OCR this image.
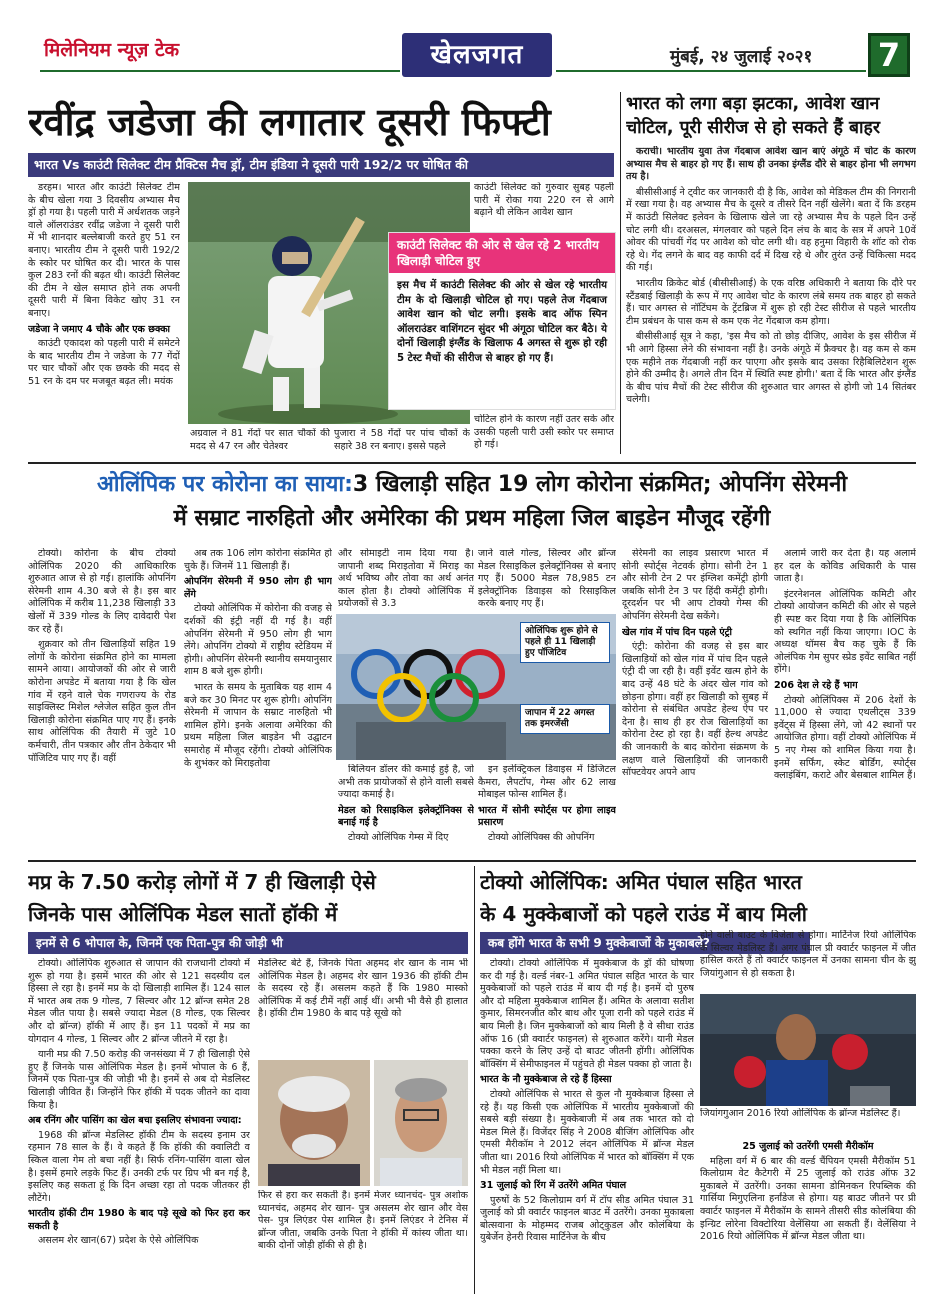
मिलेनियम न्यूज़ टेक	खेलजगत	मुंबई, २४ जुलाई २०२१ 7
रवींद्र जडेजा की लगातार दूसरी फिफ्टी
भारत Vs काउंटी सिलेक्ट टीम प्रैक्टिस मैच ड्रॉ, टीम इंडिया ने दूसरी पारी 192/2 पर घोषित की

डरहम। भारत और काउंटी सिलेक्ट टीम के बीच खेला गया 3 दिवसीय अभ्यास मैच ड्रॉ हो गया है। पहली पारी में अर्धशतक जड़ने वाले ऑलराउंडर रवींद्र जडेजा ने दूसरी पारी में भी शानदार बल्लेबाजी करते हुए 51 रन बनाए। भारतीय टीम ने दूसरी पारी 192/2 के स्कोर पर घोषित कर दी। भारत के पास कुल 283 रनों की बढ़त थी। काउंटी सिलेक्ट की टीम ने खेल समाप्त होने तक अपनी दूसरी पारी में बिना विकेट खोए 31 रन बनाए।

जडेजा ने जमाए 4 चौके और एक छक्का

काउंटी एकादश को पहली पारी में समेटने के बाद भारतीय टीम ने जडेजा के 77 गेंदों पर चार चौकों और एक छक्के की मदद से 51 रन के दम पर मजबूत बढ़त ली। मयंक

अग्रवाल ने 81 गेंदों पर सात चौकों की मदद से 47 रन और चेतेश्वर
पुजारा ने 58 गेंदों पर पांच चौकों के सहारे 38 रन बनाए। इससे पहले
काउंटी सिलेक्ट को गुरुवार सुबह पहली पारी में रोका गया 220 रन से आगे बढ़ाने थी लेकिन आवेश खान
काउंटी सिलेक्ट की ओर से खेल रहे 2 भारतीय खिलाड़ी चोटिल हुए
इस मैच में काउंटी सिलेक्ट की ओर से खेल रहे भारतीय टीम के दो खिलाड़ी चोटिल हो गए। पहले तेज गेंदबाज आवेश खान को चोट लगी। इसके बाद ऑफ स्पिन ऑलराउंडर वाशिंगटन सुंदर भी अंगूठा चोटिल कर बैठे। ये दोनों खिलाड़ी इंग्लैंड के खिलाफ 4 अगस्त से शुरू हो रही 5 टेस्ट मैचों की सीरीज से बाहर हो गए हैं।
चोटिल होने के कारण नहीं उतर सके और उसकी पहली पारी उसी स्कोर पर समाप्त हो गई।
भारत को लगा बड़ा झटका, आवेश खान
चोटिल, पूरी सीरीज से हो सकते हैं बाहर

कराची। भारतीय युवा तेज गेंदबाज आवेश खान बाएं अंगूठे में चोट के कारण अभ्यास मैच से बाहर हो गए हैं। साथ ही उनका इंग्लैंड दौरे से बाहर होना भी लगभग तय है।

बीसीसीआई ने ट्वीट कर जानकारी दी है कि, आवेश को मेडिकल टीम की निगरानी में रखा गया है। वह अभ्यास मैच के दूसरे व तीसरे दिन नहीं खेलेंगे। बता दें कि डरहम में काउंटी सिलेक्ट इलेवन के खिलाफ खेले जा रहे अभ्यास मैच के पहले दिन उन्हें चोट लगी थी। दरअसल, मंगलवार को पहले दिन लंच के बाद के सत्र में अपने 10वें ओवर की पांचवीं गेंद पर आवेश को चोट लगी थी। वह हनुमा विहारी के शॉट को रोक रहे थे। गेंद लगने के बाद वह काफी दर्द में दिख रहे थे और तुरंत उन्हें चिकित्सा मदद की गई।

भारतीय क्रिकेट बोर्ड (बीसीसीआई) के एक वरिष्ठ अधिकारी ने बताया कि दौरे पर स्टैंडबाई खिलाड़ी के रूप में गए आवेश चोट के कारण लंबे समय तक बाहर हो सकते हैं। चार अगस्त से नॉटिंघम के ट्रेंटब्रिज में शुरू हो रही टेस्ट सीरीज से पहले भारतीय टीम प्रबंधन के पास कम से कम एक नेट गेंदबाज कम होगा।

बीसीसीआई सूत्र ने कहा, 'इस मैच को तो छोड़ दीजिए, आवेश के इस सीरीज में भी आगे हिस्सा लेने की संभावना नहीं है। उनके अंगूठे में फ्रैक्चर है। वह कम से कम एक महीने तक गेंदबाजी नहीं कर पाएगा और इसके बाद उसका रिहैबिलिटेशन शुरू होने की उम्मीद है। अगले तीन दिन में स्थिति स्पष्ट होगी।' बता दें कि भारत और इंग्लैंड के बीच पांच मैचों की टेस्ट सीरीज की शुरुआत चार अगस्त से होगी जो 14 सितंबर चलेगी।

ओलिंपिक पर कोरोना का साया:3 खिलाड़ी सहित 19 लोग कोरोना संक्रमित; ओपनिंग सेरेमनी
में सम्राट नारुहितो और अमेरिका की प्रथम महिला जिल बाइडेन मौजूद रहेंगी

टोक्यो। कोरोना के बीच टोक्यो ओलिंपिक 2020 की आधिकारिक शुरुआत आज से हो गई। हालांकि ओपनिंग सेरेमनी शाम 4.30 बजे से है। इस बार ओलिंपिक में करीब 11,238 खिलाड़ी 33 खेलों में 339 गोल्ड के लिए दावेदारी पेश कर रहे हैं।

शुक्रवार को तीन खिलाड़ियों सहित 19 लोगों के कोरोना संक्रमित होने का मामला सामने आया। आयोजकों की ओर से जारी कोरोना अपडेट में बताया गया है कि खेल गांव में रहने वाले चेक गणराज्य के रोड साइक्लिस्ट मिशेल श्लेजेल सहित कुल तीन खिलाड़ी कोरोना संक्रमित पाए गए हैं। इनके साथ ओलिंपिक की तैयारी में जुटे 10 कर्मचारी, तीन पत्रकार और तीन ठेकेदार भी पॉजिटिव पाए गए हैं। वहीं

अब तक 106 लोग कोरोना संक्रमित हो चुके हैं। जिनमें 11 खिलाड़ी हैं।

ओपनिंग सेरेमनी में 950 लोग ही भाग लेंगे

टोक्यो ओलिंपिक में कोरोना की वजह से दर्शकों की इंट्री नहीं दी गई है। वहीं ओपनिंग सेरेमनी में 950 लोग ही भाग लेंगे। ओपनिंग टोक्यो में राष्ट्रीय स्टेडियम में होगी। ओपनिंग सेरेमनी स्थानीय समयानुसार शाम 8 बजे शुरू होगी।

भारत के समय के मुताबिक यह शाम 4 बजे कर 30 मिनट पर शुरू होगी। ओपनिंग सेरेमनी में जापान के सम्राट नारुहितो भी शामिल होंगे। इनके अलावा अमेरिका की प्रथम महिला जिल बाइडेन भी उद्घाटन समारोह में मौजूद रहेंगी। टोक्यो ओलिंपिक के शुभंकर को मिराइतोवा

और सोमाइटी नाम दिया गया है। जापानी शब्द मिराइतोवा में मिराइ का अर्थ भविष्य और तोवा का अर्थ अनंत काल होता है। टोक्यो ओलिंपिक में प्रयोजकों से 3.3
जाने वाले गोल्ड, सिल्वर और ब्रॉन्ज मेडल रिसाइकिल इलेक्ट्रॉनिक्स से बनाए गए हैं। 5000 मेडल 78,985 टन इलेक्ट्रॉनिक डिवाइस को रिसाइकिल करके बनाए गए हैं।
ओलिंपिक शुरू होने से पहले ही 11 खिलाड़ी हुए पॉजिटिव
जापान में 22 अगस्त तक इमरजेंसी

बिलियन डॉलर की कमाई हुई है, जो अभी तक प्रायोजकों से होने वाली सबसे ज्यादा कमाई है।

मेडल को रिसाइकिल इलेक्ट्रॉनिक्स से बनाई गई है

टोक्यो ओलिंपिक गेम्स में दिए

इन इलेक्ट्रिकल डिवाइस में डिजिटल कैमरा, लैपटॉप, गेम्स और 62 लाख मोबाइल फोन्स शामिल हैं।

भारत में सोनी स्पोर्ट्स पर होगा लाइव प्रसारण

टोक्यो ओलिंपिक्स की ओपनिंग

सेरेमनी का लाइव प्रसारण भारत में सोनी स्पोर्ट्स नेटवर्क होगा। सोनी टेन 1 और सोनी टेन 2 पर इंग्लिश कमेंट्री होगी जबकि सोनी टेन 3 पर हिंदी कमेंट्री होगी। दूरदर्शन पर भी आप टोक्यो गेम्स की ओपनिंग सेरेमनी देख सकेंगे।

खेल गांव में पांच दिन पहले एंट्री

एंट्री: कोरोना की वजह से इस बार खिलाड़ियों को खेल गांव में पांच दिन पहले एंट्री दी जा रही है। वहीं इवेंट खत्म होने के बाद उन्हें 48 घंटे के अंदर खेल गांव को छोड़ना होगा। वहीं हर खिलाड़ी को सुबह में कोरोना से संबंधित अपडेट हेल्थ ऐप पर देना है। साथ ही हर रोज खिलाड़ियों का कोरोना टेस्ट हो रहा है। वहीं हेल्थ अपडेट की जानकारी के बाद कोरोना संक्रमण के लक्षण वाले खिलाड़ियों की जानकारी सॉफ्टवेयर अपने आप

अलार्म जारी कर देता है। यह अलार्म हर दल के कोविड अधिकारी के पास जाता है।

इंटरनेशनल ओलिंपिक कमिटी और टोक्यो आयोजन कमिटी की ओर से पहले ही स्पष्ट कर दिया गया है कि ओलिंपिक को स्थगित नहीं किया जाएगा। IOC के अध्यक्ष थॉमस बैच कह चुके हैं कि ओलंपिक गेम सुपर स्प्रेड इवेंट साबित नहीं होंगे।

206 देश ले रहे हैं भाग

टोक्यो ओलिंपिक्स में 206 देशों के 11,000 से ज्यादा एथलीट्स 339 इवेंट्स में हिस्सा लेंगे, जो 42 स्थानों पर आयोजित होगा। वहीं टोक्यो ओलिंपिक में 5 नए गेम्स को शामिल किया गया है।इनमें सर्फिंग, स्केट बोर्डिंग, स्पोर्ट्स क्लाइंबिंग, कराटे और बेसबाल शामिल हैं।

मप्र के 7.50 करोड़ लोगों में 7 ही खिलाड़ी ऐसे
जिनके पास ओलिंपिक मेडल सातों हॉकी में
इनमें से 6 भोपाल के, जिनमें एक पिता-पुत्र की जोड़ी भी

टोक्यो। ओलिंपिक शुरुआत से जापान की राजधानी टोक्यो में शुरू हो गया है। इसमें भारत की ओर से 121 सदस्यीय दल हिस्सा ले रहा है। इनमें मप्र के दो खिलाड़ी शामिल हैं। 124 साल में भारत अब तक 9 गोल्ड, 7 सिल्वर और 12 ब्रॉन्ज समेत 28 मेडल जीत पाया है। सबसे ज्यादा मेडल (8 गोल्ड, एक सिल्वर और दो ब्रॉन्ज) हॉकी में आए हैं। इन 11 पदकों में मप्र का योगदान 4 गोल्ड, 1 सिल्वर और 2 ब्रॉन्ज जीतने में रहा है।

यानी मप्र की 7.50 करोड़ की जनसंख्या में 7 ही खिलाड़ी ऐसे हुए हैं जिनके पास ओलिंपिक मेडल है। इनमें भोपाल के 6 हैं, जिनमें एक पिता-पुत्र की जोड़ी भी है। इनमें से अब दो मेडलिस्ट खिलाड़ी जीवित हैं। जिन्होंने फिर हॉकी में पदक जीतने का दावा किया है।

अब रनिंग और पासिंग का खेल बचा इसलिए संभावना ज्यादा:

1968 की ब्रॉन्ज मेडलिस्ट हॉकी टीम के सदस्य इनाम उर रहमान 78 साल के हैं। वे कहते हैं कि हॉकी की क्वालिटी व स्किल वाला गेम तो बचा नहीं है। सिर्फ रनिंग-पासिंग वाला खेल है। इसमें हमारे लड़के फिट हैं। उनकी टर्फ पर ग्रिप भी बन गई है, इसलिए कह सकता हूं कि दिन अच्छा रहा तो पदक जीतकर ही लौटेंगे।

भारतीय हॉकी टीम 1980 के बाद पड़े सूखे को फिर हरा कर सकती है

असलम शेर खान(67) प्रदेश के ऐसे ओलिंपिक

मेडलिस्ट बेटे हैं, जिनके पिता अहमद शेर खान के नाम भी ओलिंपिक मेडल है। अहमद शेर खान 1936 की हॉकी टीम के सदस्य रहे हैं। असलम कहते हैं कि 1980 मास्को ओलिंपिक में कई टीमें नहीं आई थीं। अभी भी वैसे ही हालात है। हॉकी टीम 1980 के बाद पड़े सूखे को
फिर से हरा कर सकती है। इनमें मेजर ध्यानचंद- पुत्र अशोक ध्यानचंद, अहमद शेर खान- पुत्र असलम शेर खान और वेस पेस- पुत्र लिएंडर पेस शामिल है। इनमें लिएंडर ने टेनिस में ब्रॉन्ज जीता, जबकि उनके पिता ने हॉकी में कांस्य जीता था। बाकी दोनों जोड़ी हॉकी से ही है।
टोक्यो ओलिंपिक: अमित पंघाल सहित भारत
के 4 मुक्केबाजों को पहले राउंड में बाय मिली
कब होंगे भारत के सभी 9 मुक्केबाजों के मुकाबले?

टोक्यो। टोक्यो ओलिंपिक में मुक्केबाज के ड्रॉ की घोषणा कर दी गई है। वर्ल्ड नंबर-1 अमित पंघाल सहित भारत के चार मुक्केबाजों को पहले राउंड में बाय दी गई है। इनमें दो पुरुष और दो महिला मुक्केबाज शामिल हैं। अमित के अलावा सतीश कुमार, सिमरनजीत कौर बाथ और पूजा रानी को पहले राउंड में बाय मिली है। जिन मुक्केबाजों को बाय मिली है वे सीधा राउंड ऑफ 16 (प्री क्वार्टर फाइनल) से शुरुआत करेंगे। यानी मेडल पक्का करने के लिए उन्हें दो बाउट जीतनी होंगी। ओलिंपिक बॉक्सिंग में सेमीफाइनल में पहुंचते ही मेडल पक्का हो जाता है।

भारत के नौ मुक्केबाज ले रहे हैं हिस्सा

टोक्यो ओलिंपिक से भारत से कुल नौ मुक्केबाज हिस्सा ले रहे हैं। यह किसी एक ओलिंपिक में भारतीय मुक्केबाजों की सबसे बड़ी संख्या है। मुक्केबाजी में अब तक भारत को दो मेडल मिले हैं। विजेंदर सिंह ने 2008 बीजिंग ओलिंपिक और एमसी मैरीकॉम ने 2012 लंदन ओलिंपिक में ब्रॉन्ज मेडल जीता था। 2016 रियो ओलिंपिक में भारत को बॉक्सिंग में एक भी मेडल नहीं मिला था।

31 जुलाई को रिंग में उतरेंगे अमित पंघाल

पुरुषों के 52 किलोग्राम वर्ग में टॉप सीड अमित पंघाल 31 जुलाई को प्री क्वार्टर फाइनल बाउट में उतरेंगे। उनका मुकाबला बोत्सवाना के मोहम्मद राजब ओट्कुडल और कोलंबिया के युबेर्जेन हेनरी रिवास मार्टिनेज के बीच

होने वाली बाउट के विजेता से होगा। मार्टिनेज रियो ओलिंपिक के सिल्वर मेडलिस्ट हैं। अगर पंघाल प्री क्वार्टर फाइनल में जीत हासिल करते हैं तो क्वार्टर फाइनल में उनका सामना चीन के झु जियांगुआन से हो सकता है।
जियांगगुआन 2016 रियो ओलिंपिक के ब्रॉन्ज मेडलिस्ट हैं।

25 जुलाई को उतरेंगी एमसी मैरीकॉम

महिला वर्ग में 6 बार की वर्ल्ड चैंपियन एमसी मैरीकॉम 51 किलोग्राम वेट कैटेगरी में 25 जुलाई को राउंड ऑफ 32 मुकाबले में उतरेंगी। उनका सामना डोमिनकन रिपब्लिक की गार्सिया मिगुएलिना हर्नांडेज से होगा। यह बाउट जीतने पर प्री क्वार्टर फाइनल में मैरीकॉम के सामने तीसरी सीड कोलंबिया की इन्ग्रिट लोरेना विक्टोरिया वेलेंसिया आ सकती हैं। वेलेंसिया ने 2016 रियो ओलिंपिक में ब्रॉन्ज मेडल जीता था।
